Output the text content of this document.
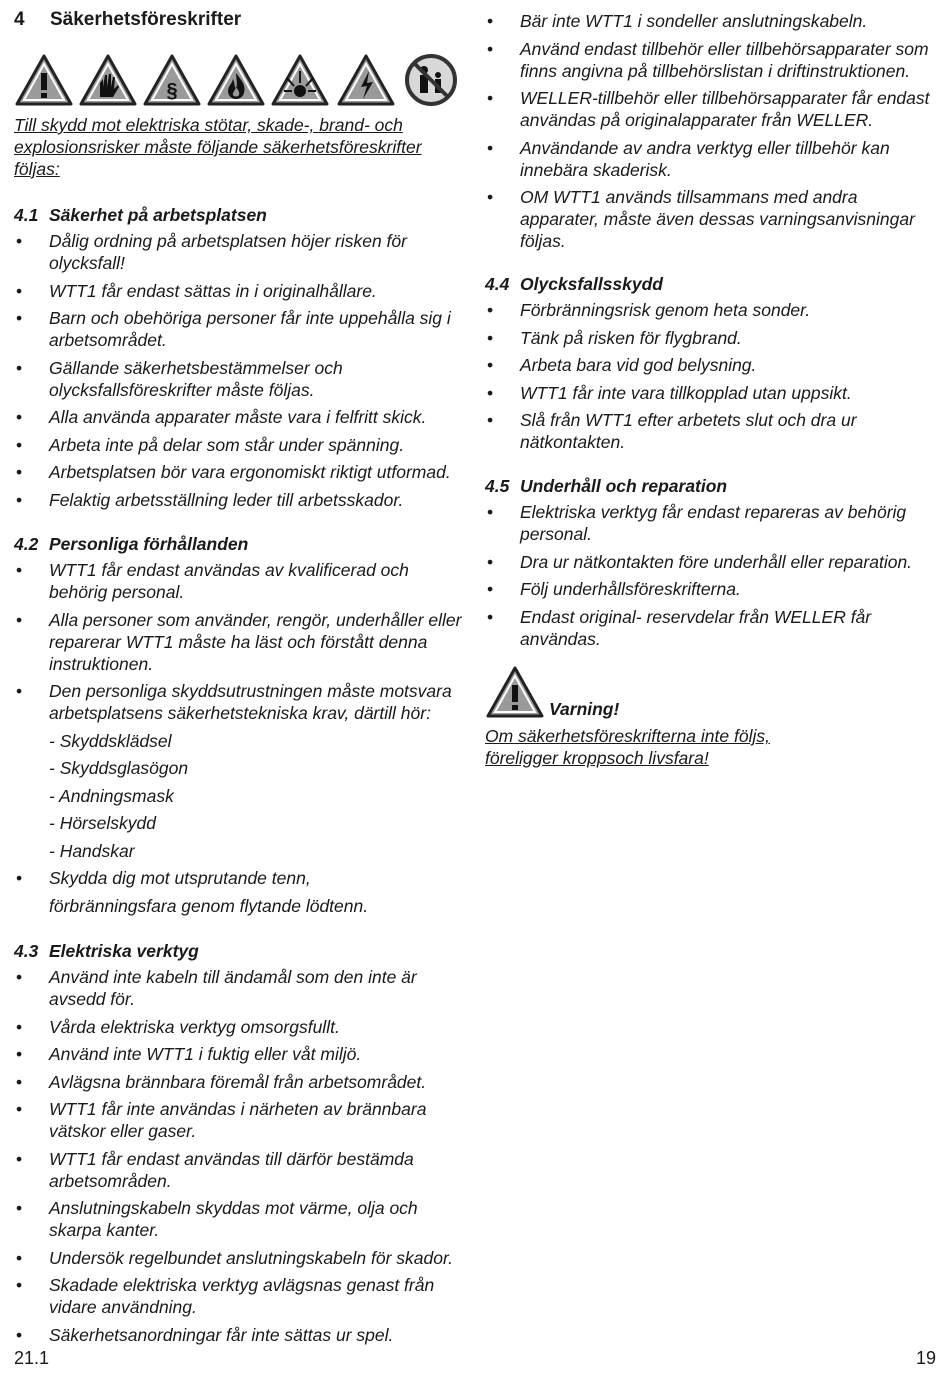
4 Säkerhetsföreskrifter
§
Till skydd mot elektriska stötar, skade-, brand- och explosionsrisker måste följande säkerhetsföreskrifter följas:
4.1 Säkerhet på arbetsplatsen
• Dålig ordning på arbetsplatsen höjer risken för olycksfall!
• WTT1 får endast sättas in i originalhållare.
• Barn och obehöriga personer får inte uppehålla sig i arbetsområdet.
• Gällande säkerhetsbestämmelser och olycksfallsföreskrifter måste följas.
• Alla använda apparater måste vara i felfritt skick.
• Arbeta inte på delar som står under spänning.
• Arbetsplatsen bör vara ergonomiskt riktigt utformad.
• Felaktig arbetsställning leder till arbetsskador.
4.2 Personliga förhållanden
• WTT1 får endast användas av kvalificerad och behörig personal.
• Alla personer som använder, rengör, underhåller eller reparerar WTT1 måste ha läst och förstått denna instruktionen.
• Den personliga skyddsutrustningen måste motsvara arbetsplatsens säkerhetstekniska krav, därtill hör:
- Skyddsklädsel
- Skyddsglasögon
- Andningsmask
- Hörselskydd
- Handskar
• Skydda dig mot utsprutande tenn,
förbränningsfara genom flytande lödtenn.
4.3 Elektriska verktyg
• Använd inte kabeln till ändamål som den inte är avsedd för.
• Vårda elektriska verktyg omsorgsfullt.
• Använd inte WTT1 i fuktig eller våt miljö.
• Avlägsna brännbara föremål från arbetsområdet.
• WTT1 får inte användas i närheten av brännbara vätskor eller gaser.
• WTT1 får endast användas till därför bestämda arbetsområden.
• Anslutningskabeln skyddas mot värme, olja och skarpa kanter.
• Undersök regelbundet anslutningskabeln för skador.
• Skadade elektriska verktyg avlägsnas genast från vidare användning.
• Säkerhetsanordningar får inte sättas ur spel.
• Bär inte WTT1 i sondeller anslutningskabeln.
• Använd endast tillbehör eller tillbehörsapparater som finns angivna på tillbehörslistan i driftinstruktionen.
• WELLER-tillbehör eller tillbehörsapparater får endast användas på originalapparater från WELLER.
• Användande av andra verktyg eller tillbehör kan innebära skaderisk.
• OM WTT1 används tillsammans med andra apparater, måste även dessas varningsanvisningar följas.
4.4 Olycksfallsskydd
• Förbränningsrisk genom heta sonder.
• Tänk på risken för flygbrand.
• Arbeta bara vid god belysning.
• WTT1 får inte vara tillkopplad utan uppsikt.
• Slå från WTT1 efter arbetets slut och dra ur nätkontakten.
4.5 Underhåll och reparation
• Elektriska verktyg får endast repareras av behörig personal.
• Dra ur nätkontakten före underhåll eller reparation.
• Följ underhållsföreskrifterna.
• Endast original- reservdelar från WELLER får användas.
Varning!
Om säkerhetsföreskrifterna inte följs,
föreligger kroppsoch livsfara!
21.1	19
